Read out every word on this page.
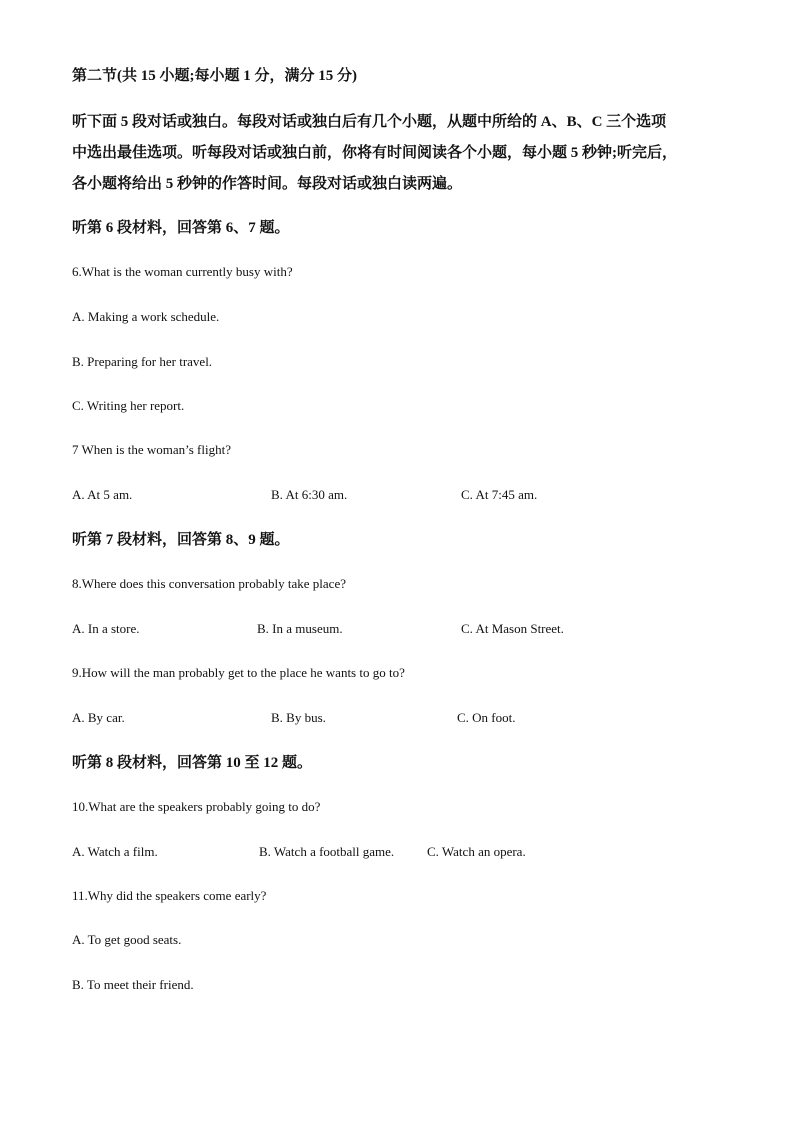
第二节(共 15 小题;每小题 1 分，满分 15 分)
听下面 5 段对话或独白。每段对话或独白后有几个小题，从题中所给的 A、B、C 三个选项
中选出最佳选项。听每段对话或独白前，你将有时间阅读各个小题，每小题 5 秒钟;听完后，
各小题将给出 5 秒钟的作答时间。每段对话或独白读两遍。
听第 6 段材料，回答第 6、7 题。
6.What is the woman currently busy with?
A. Making a work schedule.
B. Preparing for her travel.
C. Writing her report.
7 When is the woman’s flight?
A. At 5 am.	B. At 6:30 am.	C. At 7:45 am.
听第 7 段材料，回答第 8、9 题。
8.Where does this conversation probably take place?
A. In a store.	B. In a museum.	C. At Mason Street.
9.How will the man probably get to the place he wants to go to?
A. By car.	B. By bus.	C. On foot.
听第 8 段材料，回答第 10 至 12 题。
10.What are the speakers probably going to do?
A. Watch a film.	B. Watch a football game.	C. Watch an opera.
11.Why did the speakers come early?
A. To get good seats.
B. To meet their friend.
